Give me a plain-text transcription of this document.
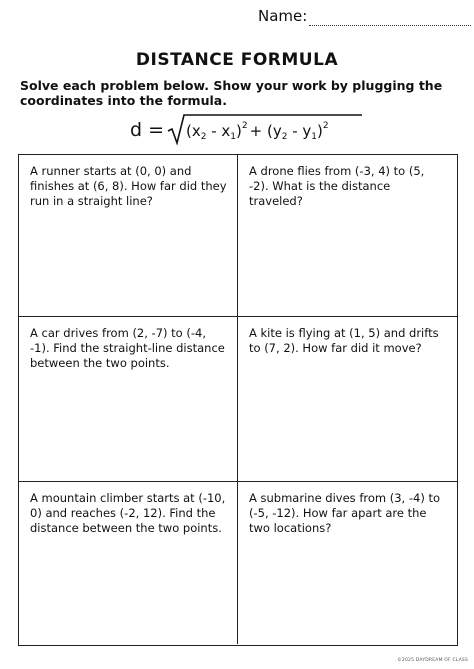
Name:
DISTANCE FORMULA
Solve each problem below. Show your work by plugging the coordinates into the formula.
$d = (x_2 - x_1)^2 + (y_2 - y_1)^2$
A runner starts at (0, 0) and finishes at (6, 8). How far did they run in a straight line?
A drone flies from (-3, 4) to (5, -2). What is the distance traveled?
A car drives from (2, -7) to (-4, -1). Find the straight-line distance between the two points.
A kite is flying at (1, 5) and drifts to (7, 2). How far did it move?
A mountain climber starts at (-10, 0) and reaches (-2, 12). Find the distance between the two points.
A submarine dives from (3, -4) to (-5, -12). How far apart are the two locations?
©2025 DAYDREAM OF CLASS
